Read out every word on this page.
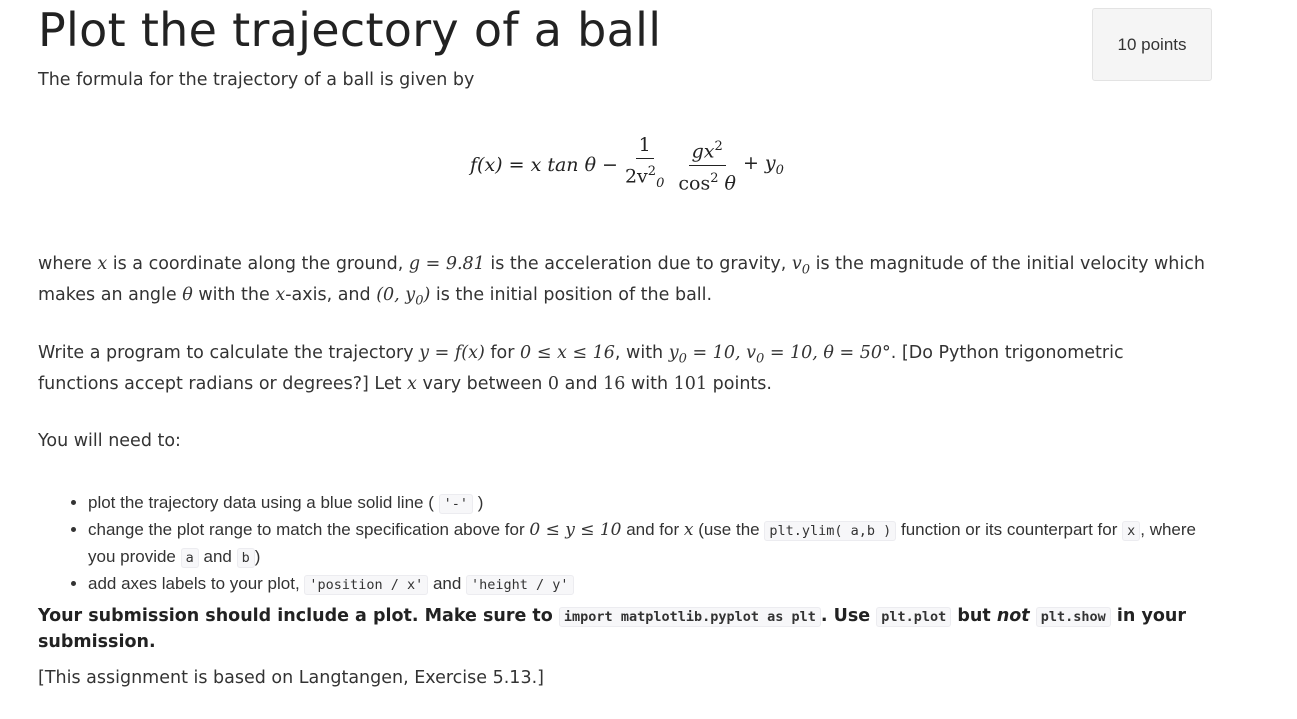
Plot the trajectory of a ball	10 points

The formula for the trajectory of a ball is given by

f(x) = x $\tan \theta - \frac{1}{2v^2_0} \frac{gx^2}{\cos^2 \theta} + y_0$

where x is a coordinate along the ground, g = 9.81 is the acceleration due to gravity, $v_0$ is the magnitude of the initial velocity which makes an angle θ with the x-axis, and (0, $y_0$) is the initial position of the ball.

Write a program to calculate the trajectory y = f(x) for 0 ≤ x ≤ 16, with $y_0 = 10$, $v_0 = 10$, θ = 50°. [Do Python trigonometric functions accept radians or degrees?] Let x vary between 0 and 16 with 101 points.

You will need to:

• plot the trajectory data using a blue solid line ( '-' )
• change the plot range to match the specification above for 0 ≤ y ≤ 10 and for x (use the plt.ylim( a,b ) function or its counterpart for x , where you provide a and b )
• add axes labels to your plot, 'position / x' and 'height / y'

Your submission should include a plot. Make sure to import matplotlib.pyplot as plt . Use plt.plot but not plt.show in your submission.

[This assignment is based on Langtangen, Exercise 5.13.]
